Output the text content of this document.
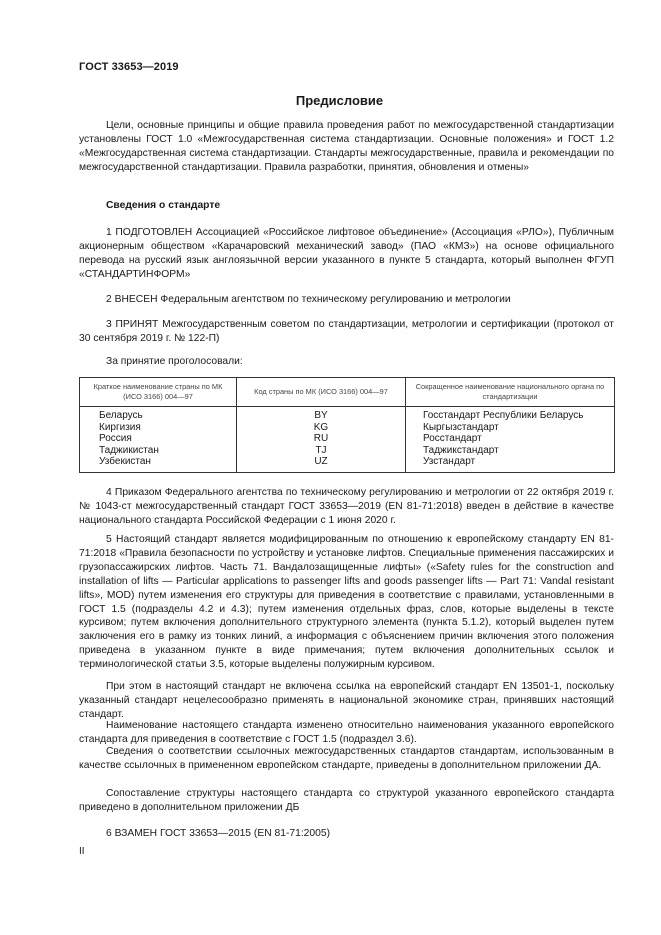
ГОСТ 33653—2019
Предисловие

Цели, основные принципы и общие правила проведения работ по межгосударственной стандартизации установлены ГОСТ 1.0 «Межгосударственная система стандартизации. Основные положения» и ГОСТ 1.2 «Межгосударственная система стандартизации. Стандарты межгосударственные, правила и рекомендации по межгосударственной стандартизации. Правила разработки, принятия, обновления и отмены»

Сведения о стандарте

1 ПОДГОТОВЛЕН Ассоциацией «Российское лифтовое объединение» (Ассоциация «РЛО»), Публичным акционерным обществом «Карачаровский механический завод» (ПАО «КМЗ») на основе официального перевода на русский язык англоязычной версии указанного в пункте 5 стандарта, который выполнен ФГУП «СТАНДАРТИНФОРМ»

2 ВНЕСЕН Федеральным агентством по техническому регулированию и метрологии

3 ПРИНЯТ Межгосударственным советом по стандартизации, метрологии и сертификации (протокол от 30 сентября 2019 г. № 122-П)

За принятие проголосовали:
Краткое наименование страны по МК (ИСО 3166) 004—97	Код страны по МК (ИСО 3166) 004—97	Сокращенное наименование национального органа по стандартизации
Беларусь	BY	Госстандарт Республики Беларусь
Киргизия	KG	Кыргызстандарт
Россия	RU	Росстандарт
Таджикистан	TJ	Таджикстандарт
Узбекистан	UZ	Узстандарт

4 Приказом Федерального агентства по техническому регулированию и метрологии от 22 октября 2019 г. № 1043-ст межгосударственный стандарт ГОСТ 33653—2019 (EN 81-71:2018) введен в действие в качестве национального стандарта Российской Федерации с 1 июня 2020 г.

5 Настоящий стандарт является модифицированным по отношению к европейскому стандарту EN 81-71:2018 «Правила безопасности по устройству и установке лифтов. Специальные применения пассажирских и грузопассажирских лифтов. Часть 71. Вандалозащищенные лифты» («Safety rules for the construction and installation of lifts — Particular applications to passenger lifts and goods passenger lifts — Part 71: Vandal resistant lifts», MOD) путем изменения его структуры для приведения в соответствие с правилами, установленными в ГОСТ 1.5 (подразделы 4.2 и 4.3); путем изменения отдельных фраз, слов, которые выделены в тексте курсивом; путем включения дополнительного структурного элемента (пункта 5.1.2), который выделен путем заключения его в рамку из тонких линий, а информация с объяснением причин включения этого положения приведена в указанном пункте в виде примечания; путем включения дополнительных ссылок и терминологической статьи 3.5, которые выделены полужирным курсивом.

При этом в настоящий стандарт не включена ссылка на европейский стандарт EN 13501-1, поскольку указанный стандарт нецелесообразно применять в национальной экономике стран, принявших настоящий стандарт.

Наименование настоящего стандарта изменено относительно наименования указанного европейского стандарта для приведения в соответствие с ГОСТ 1.5 (подраздел 3.6).

Сведения о соответствии ссылочных межгосударственных стандартов стандартам, использованным в качестве ссылочных в примененном европейском стандарте, приведены в дополнительном приложении ДА.

Сопоставление структуры настоящего стандарта со структурой указанного европейского стандарта приведено в дополнительном приложении ДБ

6 ВЗАМЕН ГОСТ 33653—2015 (EN 81-71:2005)

II
